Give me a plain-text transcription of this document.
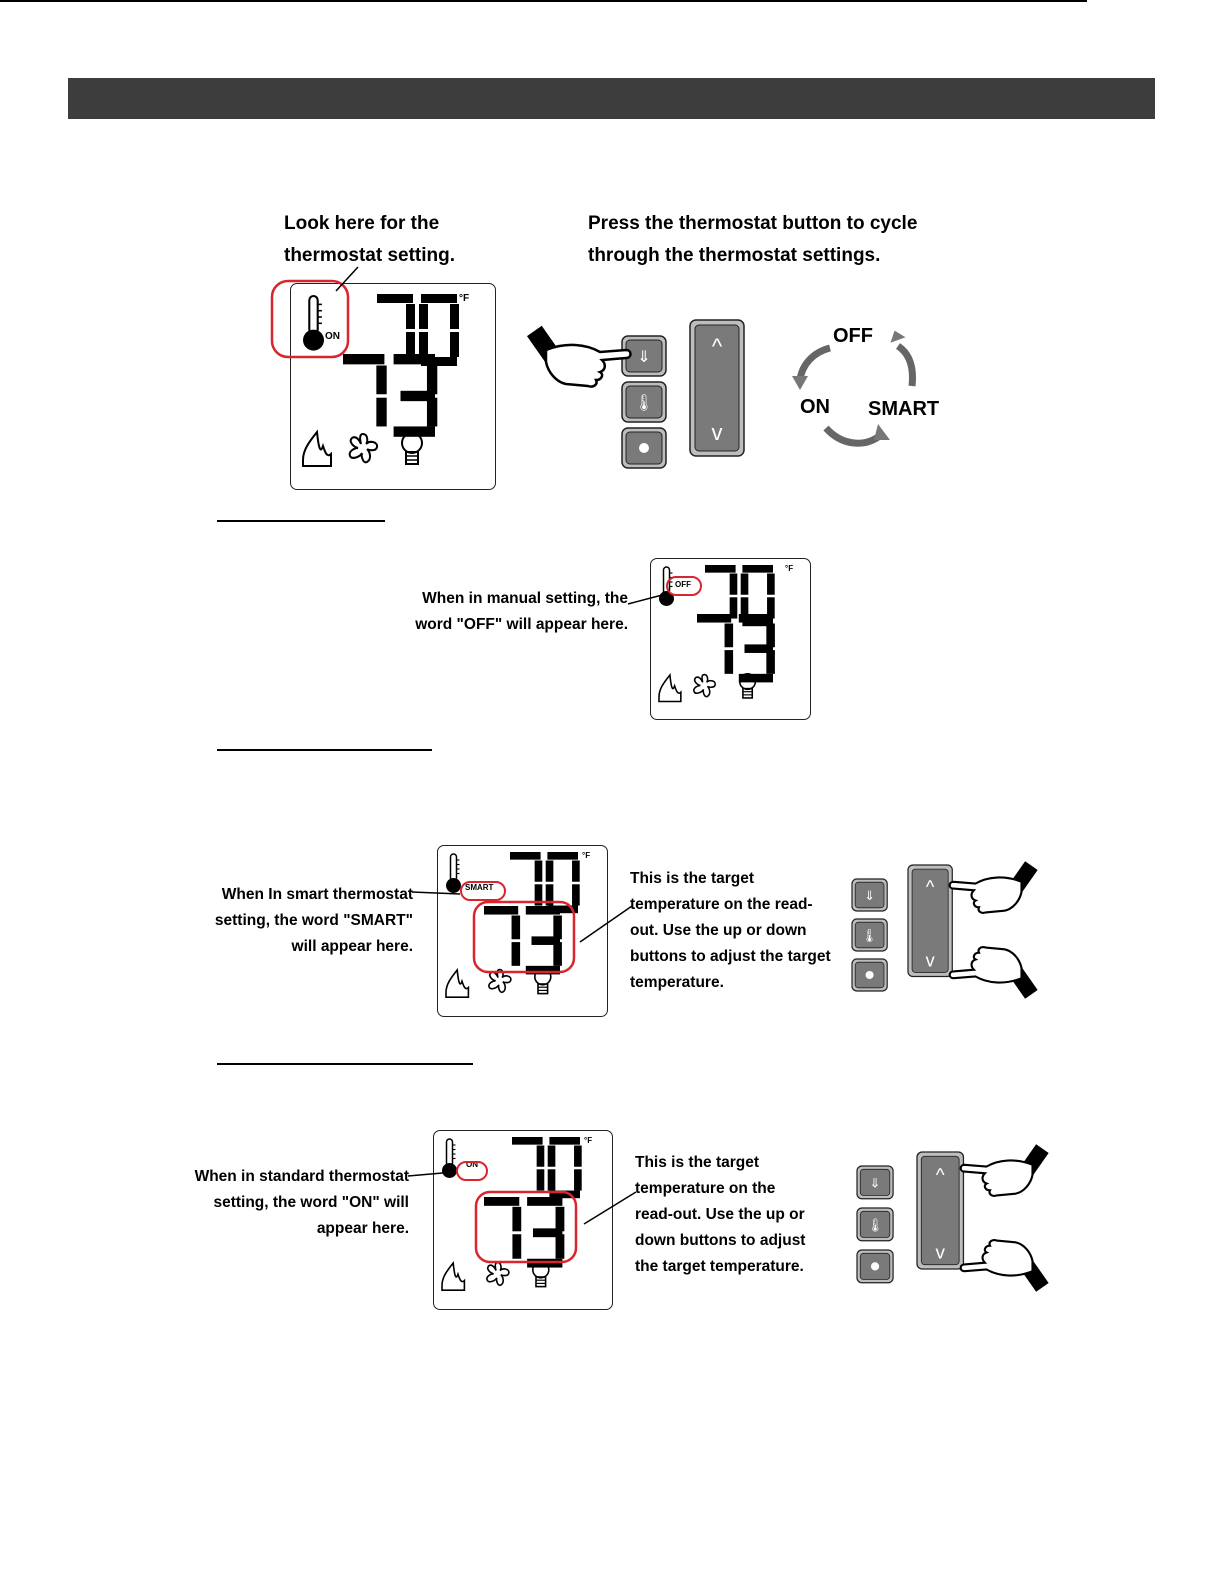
Look here for the
thermostat setting.
Press the thermostat button to cycle
through the thermostat settings.
°F
ON
⇓
🌡
^
v
OFF
ON SMART
When in manual setting, the
word "OFF" will appear here.
°F
OFF
When In smart thermostat
setting, the word "SMART"
will appear here.
°F
SMART
This is the target
temperature on the read-
out. Use the up or down
buttons to adjust the target
temperature.
⇓
🌡
^
v
When in standard thermostat
setting, the word "ON" will
appear here.
°F
ON	This is the target
temperature on the
read-out. Use the up or
down buttons to adjust
the target temperature.
⇓
🌡
^
v
